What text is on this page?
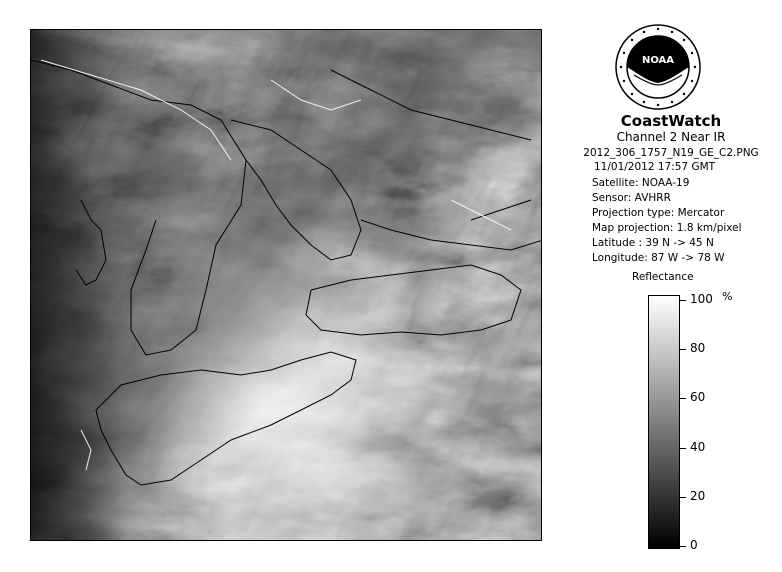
NOAA
CoastWatch
Channel 2 Near IR
2012_306_1757_N19_GE_C2.PNG
11/01/2012 17:57 GMT
Satellite: NOAA-19
Sensor: AVHRR
Projection type: Mercator
Map projection: 1.8 km/pixel
Latitude : 39 N -> 45 N
Longitude: 87 W -> 78 W
Reflectance
%
100
80
60
40
20
0
